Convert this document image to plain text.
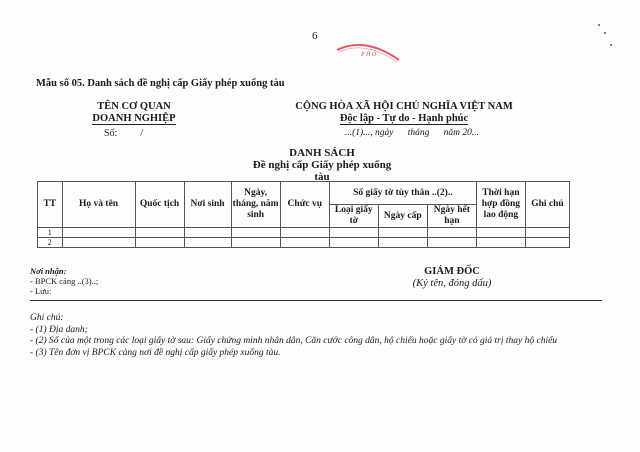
6
P H Ố
Mẫu số 05. Danh sách đề nghị cấp Giấy phép xuống tàu
TÊN CƠ QUAN
DOANH NGHIỆP
Số: /
CỘNG HÒA XÃ HỘI CHỦ NGHĨA VIỆT NAM
Độc lập - Tự do - Hạnh phúc
...(1)..., ngày      tháng      năm 20...
DANH SÁCH
Đề nghị cấp Giấy phép xuống tàu
TT	Họ và tên	Quốc tịch	Nơi sinh	Ngày, tháng, năm sinh	Chức vụ	Số giấy tờ tùy thân ..(2)..			Thời hạn hợp đồng lao động	Ghi chú
						Loại giấy tờ	Ngày cấp	Ngày hết hạn		
1										
2										
Nơi nhận:
- BPCK cảng ..(3)..;
- Lưu:
GIÁM ĐỐC
(Ký tên, đóng dấu)
Ghi chú:
- (1) Địa danh;
- (2) Số của một trong các loại giấy tờ sau: Giấy chứng minh nhân dân, Căn cước công dân, hộ chiếu hoặc giấy tờ có giá trị thay hộ chiếu
- (3) Tên đơn vị BPCK cảng nơi đề nghị cấp giấy phép xuống tàu.
